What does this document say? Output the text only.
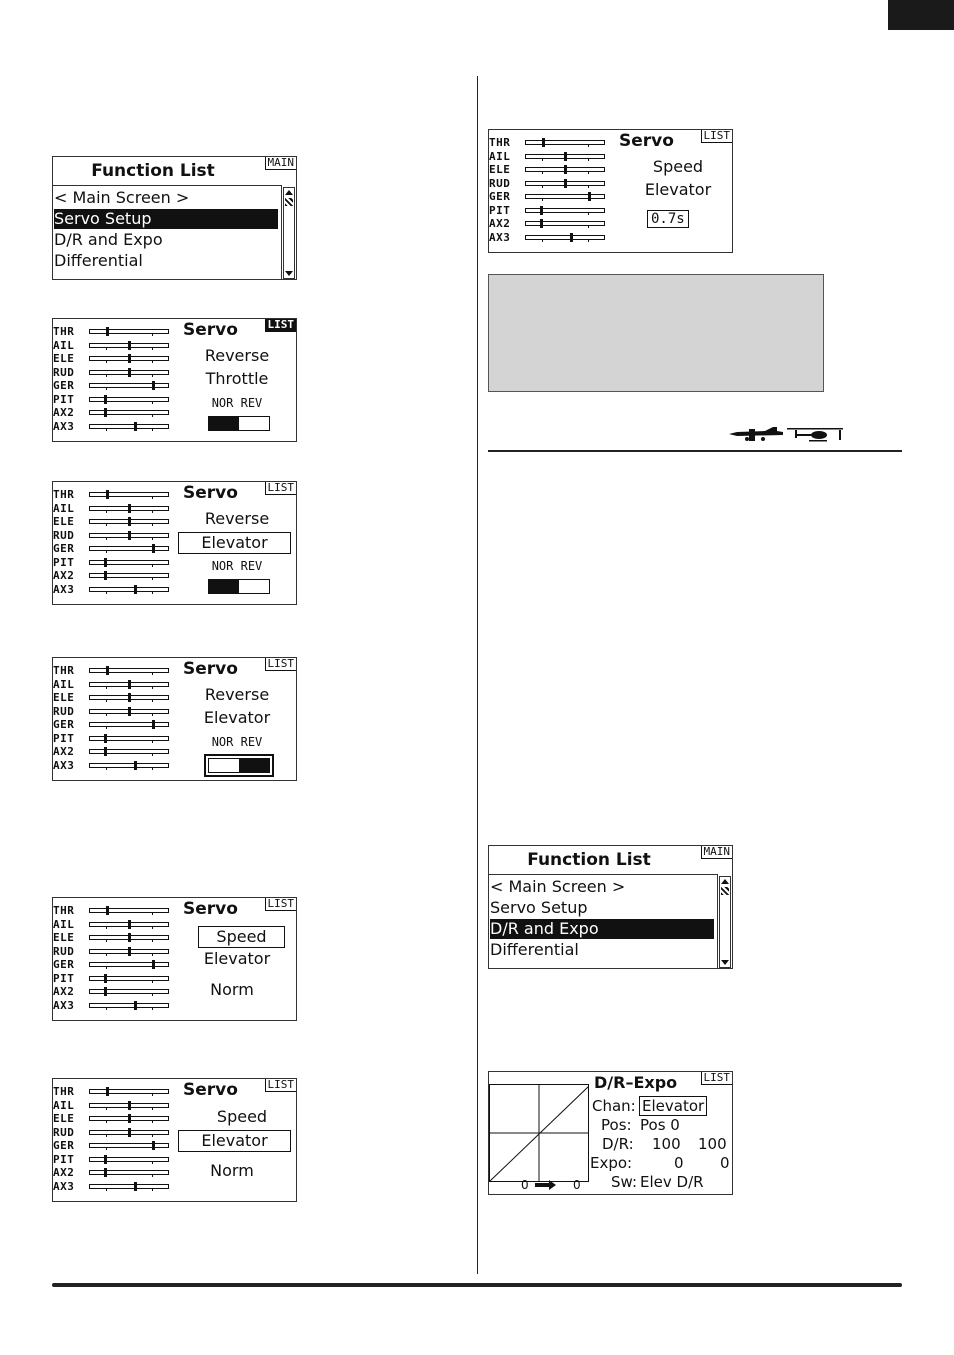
Function List	MAIN
< Main Screen >
Servo Setup
D/R and Expo
Differential
Servo	LIST
Reverse
Throttle
NOR REV
THR
AIL
ELE
RUD
GER
PIT
AX2
AX3
Servo	LIST
Reverse
Elevator
NOR REV
THR
AIL
ELE
RUD
GER
PIT
AX2
AX3
Servo	LIST
Reverse
Elevator
NOR REV
THR
AIL
ELE
RUD
GER
PIT
AX2
AX3
Servo	LIST
Speed
Elevator
Norm
THR
AIL
ELE
RUD
GER
PIT
AX2
AX3
Servo	LIST
Speed
Elevator
Norm
THR
AIL
ELE
RUD
GER
PIT
AX2
AX3
Servo	LIST
Speed
Elevator
0.7s
THR
AIL
ELE
RUD
GER
PIT
AX2
AX3
Function List	MAIN
< Main Screen >
Servo Setup
D/R and Expo
Differential
0	0
D/R–Expo LIST
Chan: Elevator
Pos: Pos 0
D/R: 100 100
Expo:	0 0
Sw: Elev D/R
